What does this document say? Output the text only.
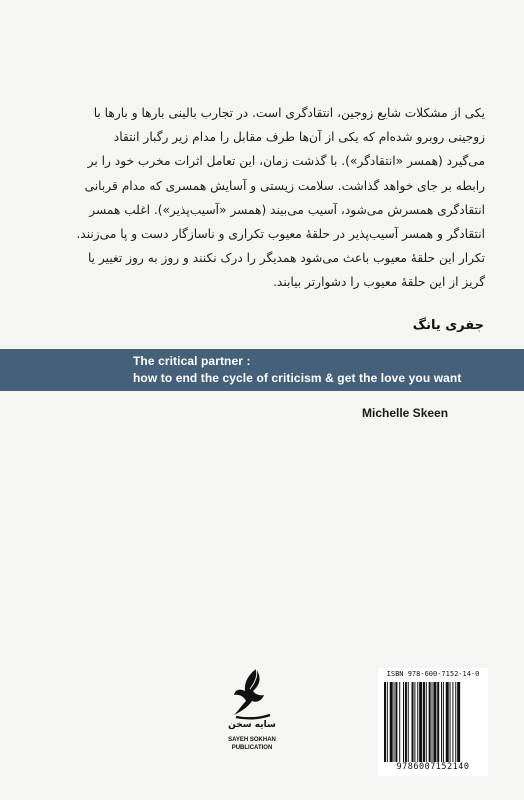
یکی از مشکلات شایع زوجین، انتقادگری است. در تجارب بالینی بارها و بارها با

زوجینی روبرو شده‌ام که یکی از آن‌ها طرف مقابل را مدام زیر رگبار انتقاد

می‌گیرد (همسر «انتقادگر»). با گذشت زمان، این تعامل اثرات مخرب خود را بر

رابطه بر جای خواهد گذاشت. سلامت زیستی و آسایش همسری که مدام قربانی

انتقادگری همسرش می‌شود، آسیب می‌بیند (همسر «آسیب‌پذیر»). اغلب همسر

انتقادگر و همسر آسیب‌پذیر در حلقهٔ معیوب تکراری و ناسازگار دست و پا می‌زنند.

تکرار این حلقهٔ معیوب باعث می‌شود همدیگر را درک نکنند و روز به روز تغییر یا

گریز از این حلقهٔ معیوب را دشوارتر بیابند.

جفری یانگ
The critical partner :
how to end the cycle of criticism & get the love you want
Michelle Skeen
سایه سخن
SAYEH SOKHAN
PUBLICATION
ISBN 978-600-7152-14-0
9786007152140
